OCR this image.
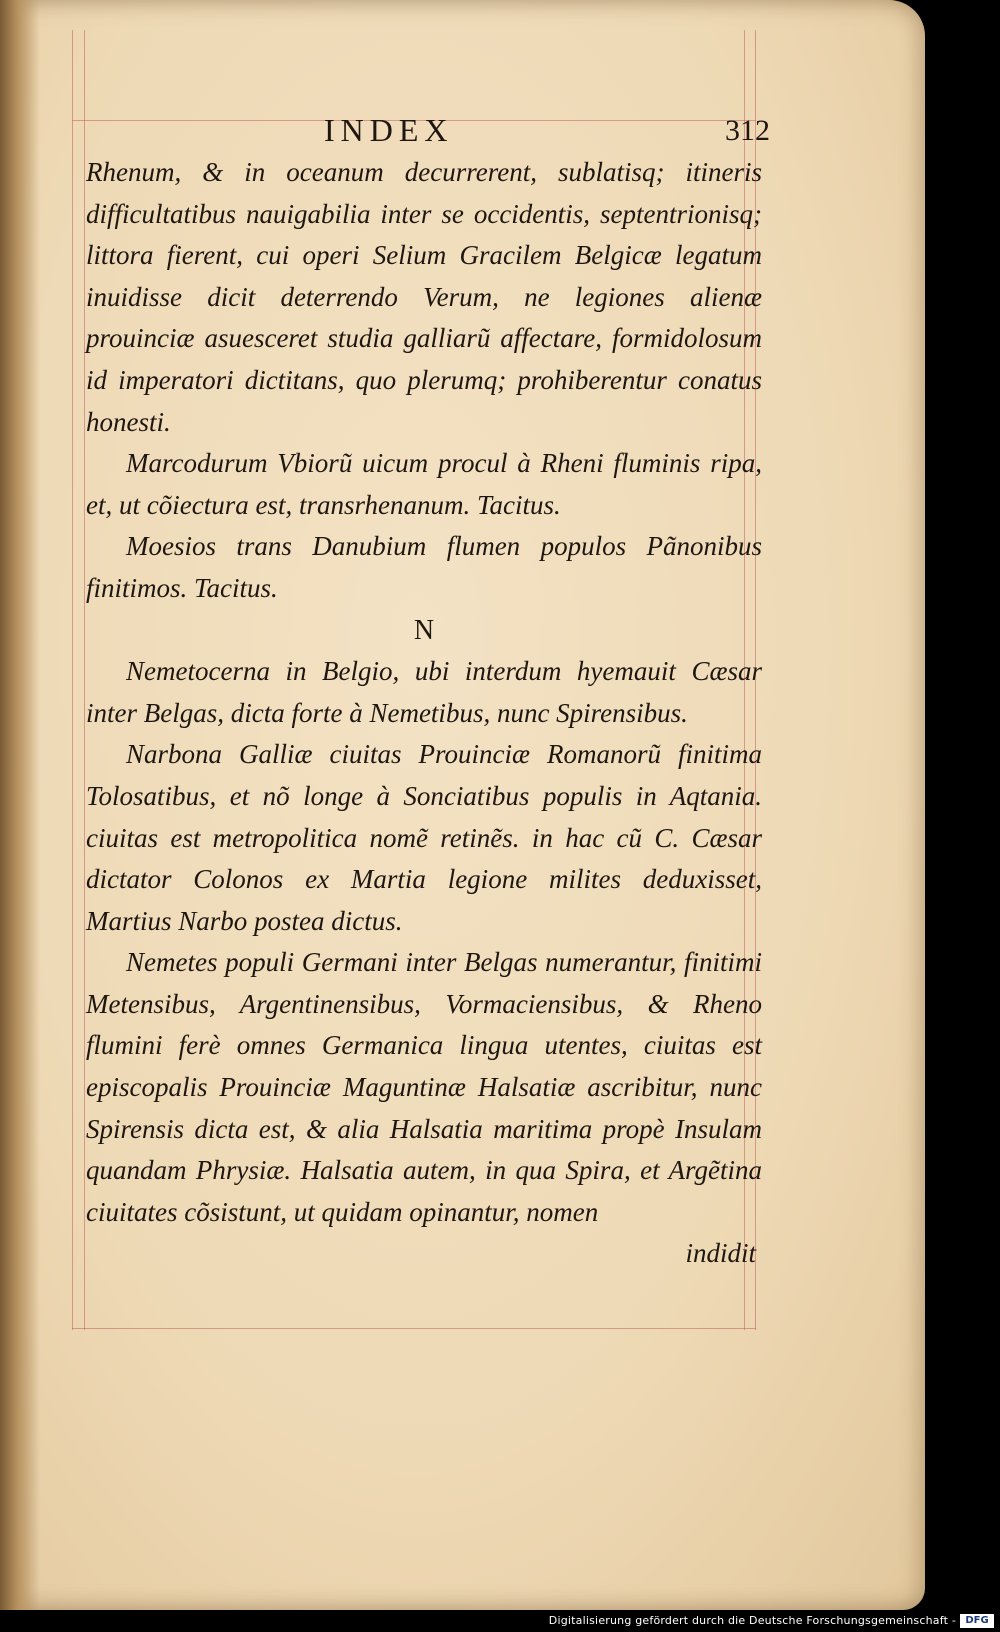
INDEX	312

Rhenum, & in oceanum decurrerent, sublatisq; itineris difficultatibus nauigabilia inter se occidentis, septentrionisq; littora fierent, cui operi Selium Gracilem Belgicæ legatum inuidisse dicit deterrendo Verum, ne legiones alienæ prouinciæ asuesceret studia galliarũ affectare, formidolosum id imperatori dictitans, quo plerumq; prohiberentur conatus honesti.

Marcodurum Vbiorũ uicum procul à Rheni fluminis ripa, et, ut cõiectura est, transrhenanum. Tacitus.

Moesios trans Danubium flumen populos Pãnonibus finitimos. Tacitus.

N

Nemetocerna in Belgio, ubi interdum hyemauit Cæsar inter Belgas, dicta forte à Nemetibus, nunc Spirensibus.

Narbona Galliæ ciuitas Prouinciæ Romanorũ finitima Tolosatibus, et nõ longe à Sonciatibus populis in Aqtania. ciuitas est metropolitica nomẽ retinẽs. in hac cũ C. Cæsar dictator Colonos ex Martia legione milites deduxisset, Martius Narbo postea dictus.

Nemetes populi Germani inter Belgas numerantur, finitimi Metensibus, Argentinensibus, Vormaciensibus, & Rheno flumini ferè omnes Germanica lingua utentes, ciuitas est episcopalis Prouinciæ Maguntinæ Halsatiæ ascribitur, nunc Spirensis dicta est, & alia Halsatia maritima propè Insulam quandam Phrysiæ. Halsatia autem, in qua Spira, et Argẽtina ciuitates cõsistunt, ut quidam opinantur, nomen

indidit

Digitalisierung gefördert durch die Deutsche Forschungsgemeinschaft - DFG
